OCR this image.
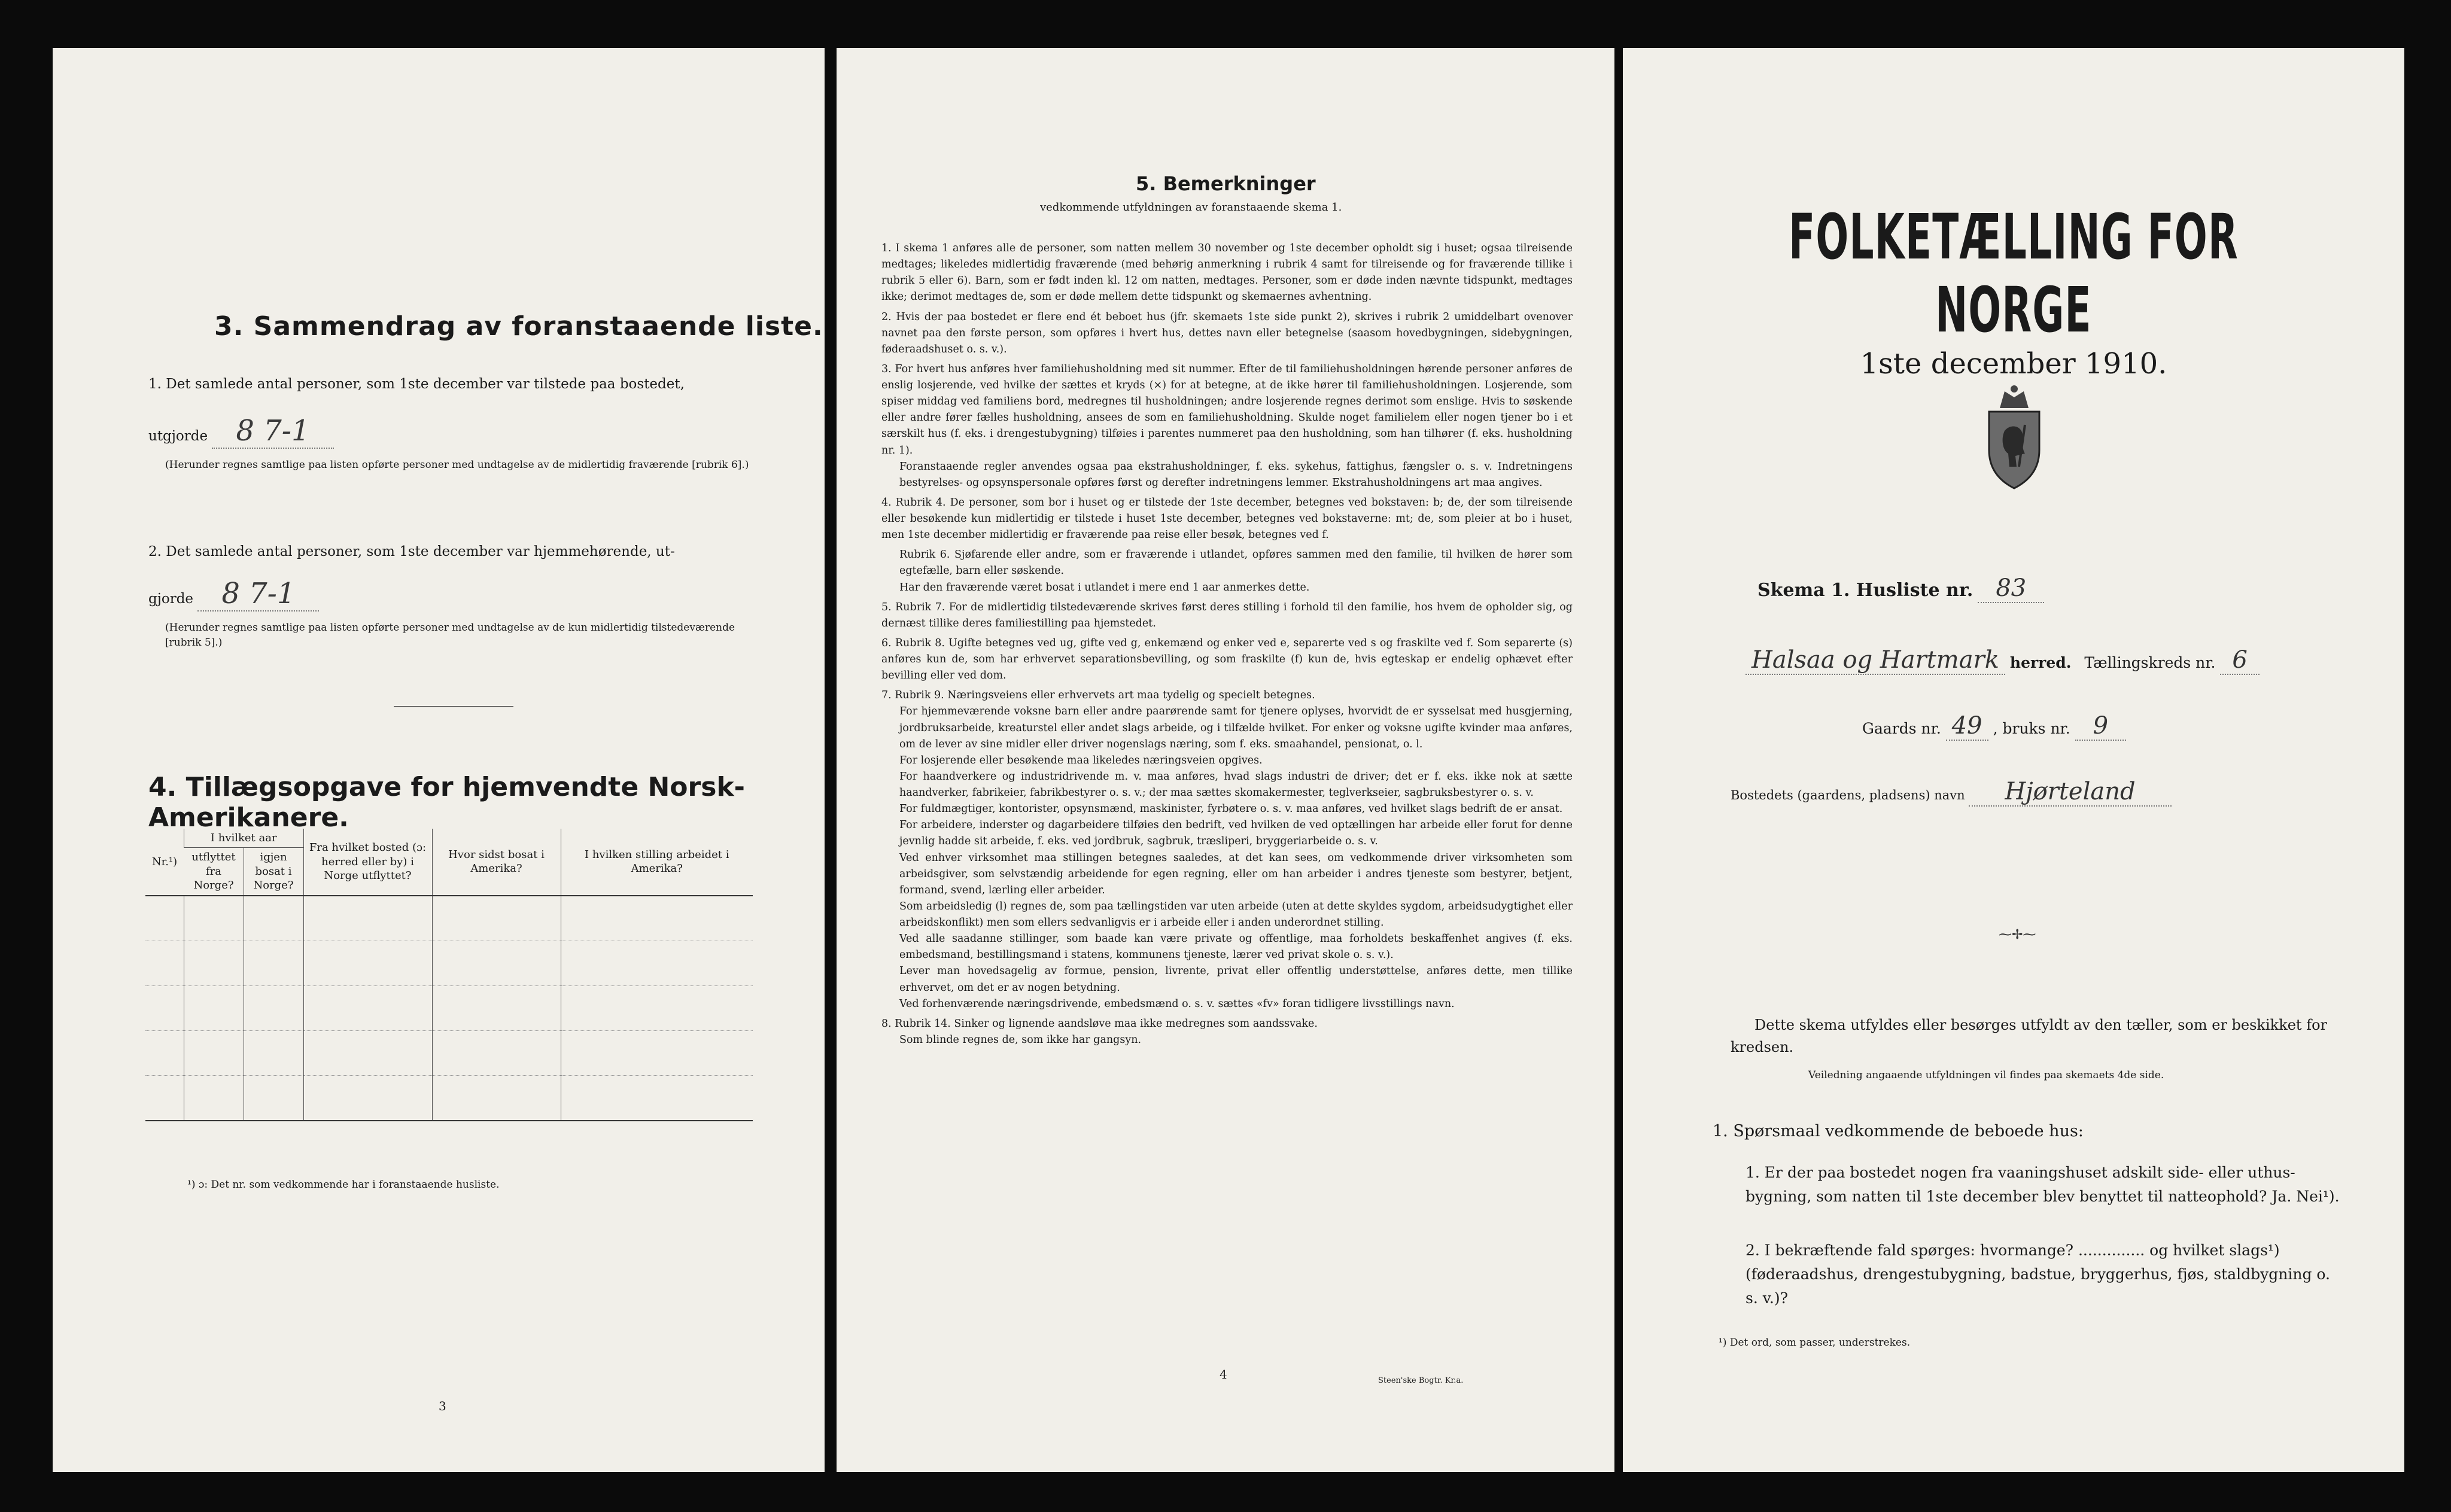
3. Sammendrag av foranstaaende liste.
1. Det samlede antal personer, som 1ste december var tilstede paa bostedet,
utgjorde 8 7-1
(Herunder regnes samtlige paa listen opførte personer med undtagelse av de midlertidig fraværende [rubrik 6].)
2. Det samlede antal personer, som 1ste december var hjemmehørende, ut-
gjorde 8 7-1
(Herunder regnes samtlige paa listen opførte personer med undtagelse av de kun midlertidig tilstedeværende [rubrik 5].)
4. Tillægsopgave for hjemvendte Norsk-Amerikanere.
Nr.¹)	I hvilket aar		Fra hvilket bosted (ɔ: herred eller by) i Norge utflyttet?	Hvor sidst bosat i Amerika?	I hvilken stilling arbeidet i Amerika?
	utflyttet fra Norge?	igjen bosat i Norge?			

¹) ɔ: Det nr. som vedkommende har i foranstaaende husliste.
3
5. Bemerkninger
vedkommende utfyldningen av foranstaaende skema 1.

1. I skema 1 anføres alle de personer, som natten mellem 30 november og 1ste december opholdt sig i huset; ogsaa tilreisende medtages; likeledes midlertidig fraværende (med behørig anmerkning i rubrik 4 samt for tilreisende og for fraværende tillike i rubrik 5 eller 6). Barn, som er født inden kl. 12 om natten, medtages. Personer, som er døde inden nævnte tidspunkt, medtages ikke; derimot medtages de, som er døde mellem dette tidspunkt og skemaernes avhentning.

2. Hvis der paa bostedet er flere end ét beboet hus (jfr. skemaets 1ste side punkt 2), skrives i rubrik 2 umiddelbart ovenover navnet paa den første person, som opføres i hvert hus, dettes navn eller betegnelse (saasom hovedbygningen, sidebygningen, føderaadshuset o. s. v.).

3. For hvert hus anføres hver familiehusholdning med sit nummer. Efter de til familiehusholdningen hørende personer anføres de enslig losjerende, ved hvilke der sættes et kryds (×) for at betegne, at de ikke hører til familiehusholdningen. Losjerende, som spiser middag ved familiens bord, medregnes til husholdningen; andre losjerende regnes derimot som enslige. Hvis to søskende eller andre fører fælles husholdning, ansees de som en familiehusholdning. Skulde noget familielem eller nogen tjener bo i et særskilt hus (f. eks. i drengestubygning) tilføies i parentes nummeret paa den husholdning, som han tilhører (f. eks. husholdning nr. 1).

Foranstaaende regler anvendes ogsaa paa ekstrahusholdninger, f. eks. sykehus, fattighus, fængsler o. s. v. Indretningens bestyrelses- og opsynspersonale opføres først og derefter indretningens lemmer. Ekstrahusholdningens art maa angives.

4. Rubrik 4. De personer, som bor i huset og er tilstede der 1ste december, betegnes ved bokstaven: b; de, der som tilreisende eller besøkende kun midlertidig er tilstede i huset 1ste december, betegnes ved bokstaverne: mt; de, som pleier at bo i huset, men 1ste december midlertidig er fraværende paa reise eller besøk, betegnes ved f.

Rubrik 6. Sjøfarende eller andre, som er fraværende i utlandet, opføres sammen med den familie, til hvilken de hører som egtefælle, barn eller søskende.

Har den fraværende været bosat i utlandet i mere end 1 aar anmerkes dette.

5. Rubrik 7. For de midlertidig tilstedeværende skrives først deres stilling i forhold til den familie, hos hvem de opholder sig, og dernæst tillike deres familiestilling paa hjemstedet.

6. Rubrik 8. Ugifte betegnes ved ug, gifte ved g, enkemænd og enker ved e, separerte ved s og fraskilte ved f. Som separerte (s) anføres kun de, som har erhvervet separationsbevilling, og som fraskilte (f) kun de, hvis egteskap er endelig ophævet efter bevilling eller ved dom.

7. Rubrik 9. Næringsveiens eller erhvervets art maa tydelig og specielt betegnes.

For hjemmeværende voksne barn eller andre paarørende samt for tjenere oplyses, hvorvidt de er sysselsat med husgjerning, jordbruksarbeide, kreaturstel eller andet slags arbeide, og i tilfælde hvilket. For enker og voksne ugifte kvinder maa anføres, om de lever av sine midler eller driver nogenslags næring, som f. eks. smaahandel, pensionat, o. l.

For losjerende eller besøkende maa likeledes næringsveien opgives.

For haandverkere og industridrivende m. v. maa anføres, hvad slags industri de driver; det er f. eks. ikke nok at sætte haandverker, fabrikeier, fabrikbestyrer o. s. v.; der maa sættes skomakermester, teglverkseier, sagbruksbestyrer o. s. v.

For fuldmægtiger, kontorister, opsynsmænd, maskinister, fyrbøtere o. s. v. maa anføres, ved hvilket slags bedrift de er ansat.

For arbeidere, inderster og dagarbeidere tilføies den bedrift, ved hvilken de ved optællingen har arbeide eller forut for denne jevnlig hadde sit arbeide, f. eks. ved jordbruk, sagbruk, træsliperi, bryggeriarbeide o. s. v.

Ved enhver virksomhet maa stillingen betegnes saaledes, at det kan sees, om vedkommende driver virksomheten som arbeidsgiver, som selvstændig arbeidende for egen regning, eller om han arbeider i andres tjeneste som bestyrer, betjent, formand, svend, lærling eller arbeider.

Som arbeidsledig (l) regnes de, som paa tællingstiden var uten arbeide (uten at dette skyldes sygdom, arbeidsudygtighet eller arbeidskonflikt) men som ellers sedvanligvis er i arbeide eller i anden underordnet stilling.

Ved alle saadanne stillinger, som baade kan være private og offentlige, maa forholdets beskaffenhet angives (f. eks. embedsmand, bestillingsmand i statens, kommunens tjeneste, lærer ved privat skole o. s. v.).

Lever man hovedsagelig av formue, pension, livrente, privat eller offentlig understøttelse, anføres dette, men tillike erhvervet, om det er av nogen betydning.

Ved forhenværende næringsdrivende, embedsmænd o. s. v. sættes «fv» foran tidligere livsstillings navn.

8. Rubrik 14. Sinker og lignende aandsløve maa ikke medregnes som aandssvake.

Som blinde regnes de, som ikke har gangsyn.

4	Steen'ske Bogtr. Kr.a.
FOLKETÆLLING FOR NORGE
1ste december 1910.
Skema 1. Husliste nr. 83
Halsaa og Hartmark herred. Tællingskreds nr. 6
Gaards nr. 49 , bruks nr. 9
Bostedets (gaardens, pladsens) navn Hjørteland
⁓✢⁓
Dette skema utfyldes eller besørges utfyldt av den tæller, som er beskikket for kredsen.
Veiledning angaaende utfyldningen vil findes paa skemaets 4de side.
1. Spørsmaal vedkommende de beboede hus:
1. Er der paa bostedet nogen fra vaaningshuset adskilt side- eller uthus-bygning, som natten til 1ste december blev benyttet til natteophold? Ja. Nei¹).
2. I bekræftende fald spørges: hvormange? .............. og hvilket slags¹) (føderaadshus, drengestubygning, badstue, bryggerhus, fjøs, staldbygning o. s. v.)?
¹) Det ord, som passer, understrekes.
